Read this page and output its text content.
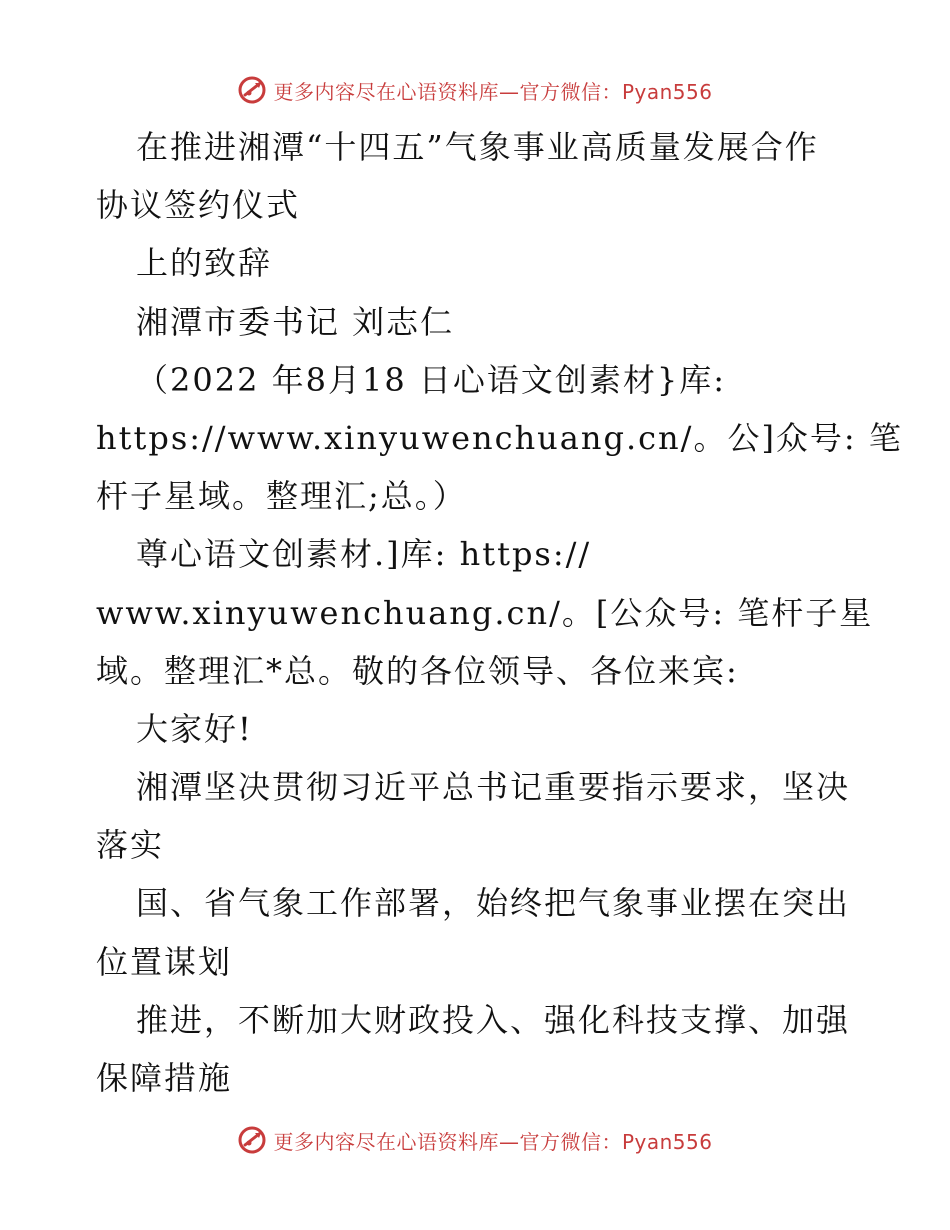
更多内容尽在心语资料库—官方微信：Pyan556
在推进湘潭“十四五”气象事业高质量发展合作
协议签约仪式
上的致辞
湘潭市委书记 刘志仁
（2022 年8月18 日心语文创素材}库:
https://www.xinyuwenchuang.cn/。公]众号: 笔
杆子星域。整理汇;总。）
尊心语文创素材.]库: https://
www.xinyuwenchuang.cn/。[公众号: 笔杆子星
域。整理汇*总。敬的各位领导、各位来宾:
大家好!
湘潭坚决贯彻习近平总书记重要指示要求，坚决
落实
国、省气象工作部署，始终把气象事业摆在突出
位置谋划
推进，不断加大财政投入、强化科技支撑、加强
保障措施
更多内容尽在心语资料库—官方微信：Pyan556
